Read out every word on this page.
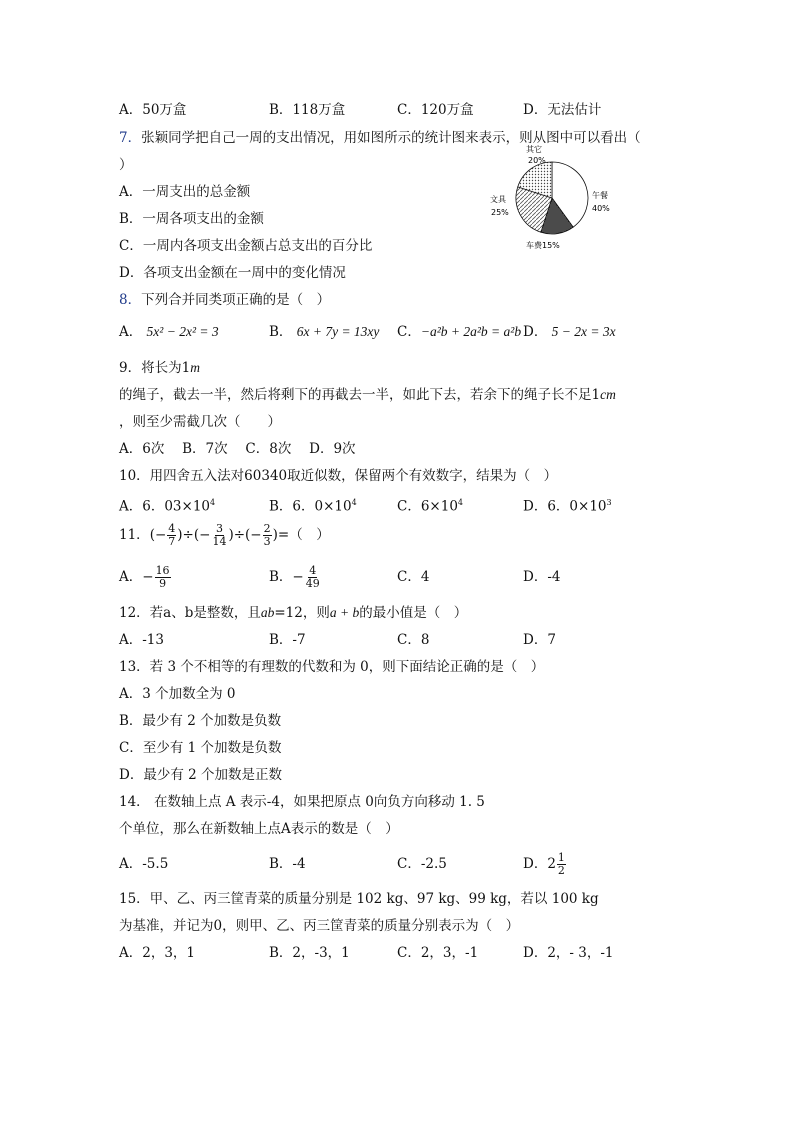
A．50万盒	B．118万盒	C．120万盒	D．无法估计
7．张颖同学把自己一周的支出情况，用如图所示的统计图来表示，则从图中可以看出（
）
A．一周支出的总金额
B．一周各项支出的金额
C．一周内各项支出金额占总支出的百分比
D．各项支出金额在一周中的变化情况
其它
20%
午餐
40%
文具
25%
车费15%
8．下列合并同类项正确的是（　）
A． 5x² − 2x² = 3	B． 6x + 7y = 13xy C．−a²b + 2a²b = a²b D． 5 − 2x = 3x
9．将长为1m
的绳子，截去一半，然后将剩下的再截去一半，如此下去，若余下的绳子长不足1cm
，则至少需截几次（　　）
A．6次　 B．7次　 C．8次　 D．9次
10．用四舍五入法对60340取近似数，保留两个有效数字，结果为（　）
A．6．$03\times 10^4$	B．6．$0\times 10^4$	C．$6\times 10^4$	D．6．$0\times 10^3$
11．(− $\frac{4}{7}$ )÷(− $\frac{3}{14}$ )÷(− $\frac{2}{3}$ )=（　）
A．− $\frac{16}{9}$	B．− $\frac{4}{49}$	C．4	D．-4
12．若a、b是整数，且ab=12，则a + b的最小值是（　）
A．-13	B．-7	C．8	D．7
13．若 3 个不相等的有理数的代数和为 0，则下面结论正确的是（　）
A．3 个加数全为 0
B．最少有 2 个加数是负数
C．至少有 1 个加数是负数
D．最少有 2 个加数是正数
14． 在数轴上点 A 表示-4，如果把原点 0向负方向移动 1. 5
个单位，那么在新数轴上点A表示的数是（　）
A．-5.5	B．-4	C．-2.5	D．$2 \frac{1}{2}$
15．甲、乙、丙三筐青菜的质量分别是 102 kg、97 kg、99 kg，若以 100 kg
为基准，并记为0，则甲、乙、丙三筐青菜的质量分别表示为（　）
A．2，3，1	B．2，-3，1	C．2，3，-1	D．2，- 3，-1
